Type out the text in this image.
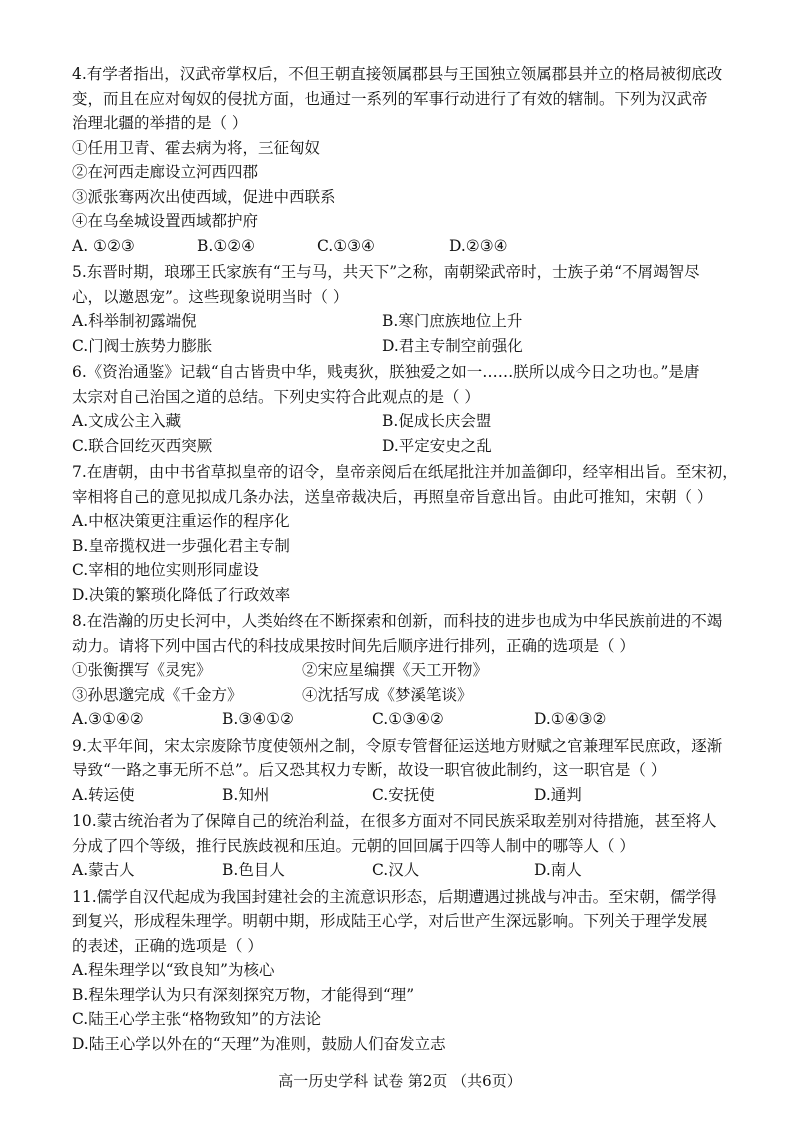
4.有学者指出，汉武帝掌权后，不但王朝直接领属郡县与王国独立领属郡县并立的格局被彻底改
变，而且在应对匈奴的侵扰方面，也通过一系列的军事行动进行了有效的辖制。下列为汉武帝
治理北疆的举措的是（ ）
①任用卫青、霍去病为将，三征匈奴
②在河西走廊设立河西四郡
③派张骞两次出使西域，促进中西联系
④在乌垒城设置西域都护府
A. ①②③	B.①②④	C.①③④	D.②③④
5.东晋时期，琅琊王氏家族有“王与马，共天下”之称，南朝梁武帝时，士族子弟“不屑竭智尽
心，以邀恩宠”。这些现象说明当时（ ）
A.科举制初露端倪	B.寒门庶族地位上升
C.门阀士族势力膨胀	D.君主专制空前强化
6.《资治通鉴》记载“自古皆贵中华，贱夷狄，朕独爱之如一……朕所以成今日之功也。”是唐
太宗对自己治国之道的总结。下列史实符合此观点的是（ ）
A.文成公主入藏	B.促成长庆会盟
C.联合回纥灭西突厥	D.平定安史之乱
7.在唐朝，由中书省草拟皇帝的诏令，皇帝亲阅后在纸尾批注并加盖御印，经宰相出旨。至宋初，
宰相将自己的意见拟成几条办法，送皇帝裁决后，再照皇帝旨意出旨。由此可推知，宋朝（ ）
A.中枢决策更注重运作的程序化
B.皇帝揽权进一步强化君主专制
C.宰相的地位实则形同虚设
D.决策的繁琐化降低了行政效率
8.在浩瀚的历史长河中，人类始终在不断探索和创新，而科技的进步也成为中华民族前进的不竭
动力。请将下列中国古代的科技成果按时间先后顺序进行排列，正确的选项是（ ）
①张衡撰写《灵宪》	②宋应星编撰《天工开物》
③孙思邈完成《千金方》	④沈括写成《梦溪笔谈》
A.③①④②	B.③④①②	C.①③④②	D.①④③②
9.太平年间，宋太宗废除节度使领州之制，令原专管督征运送地方财赋之官兼理军民庶政，逐渐
导致“一路之事无所不总”。后又恐其权力专断，故设一职官彼此制约，这一职官是（ ）
A.转运使	B.知州	C.安抚使	D.通判
10.蒙古统治者为了保障自己的统治利益，在很多方面对不同民族采取差别对待措施，甚至将人
分成了四个等级，推行民族歧视和压迫。元朝的回回属于四等人制中的哪等人（ ）
A.蒙古人	B.色目人	C.汉人	D.南人
11.儒学自汉代起成为我国封建社会的主流意识形态，后期遭遇过挑战与冲击。至宋朝，儒学得
到复兴，形成程朱理学。明朝中期，形成陆王心学，对后世产生深远影响。下列关于理学发展
的表述，正确的选项是（ ）
A.程朱理学以“致良知”为核心
B.程朱理学认为只有深刻探究万物，才能得到“理”
C.陆王心学主张“格物致知”的方法论
D.陆王心学以外在的“天理”为准则，鼓励人们奋发立志
高一历史学科 试卷 第2页 （共6页）
